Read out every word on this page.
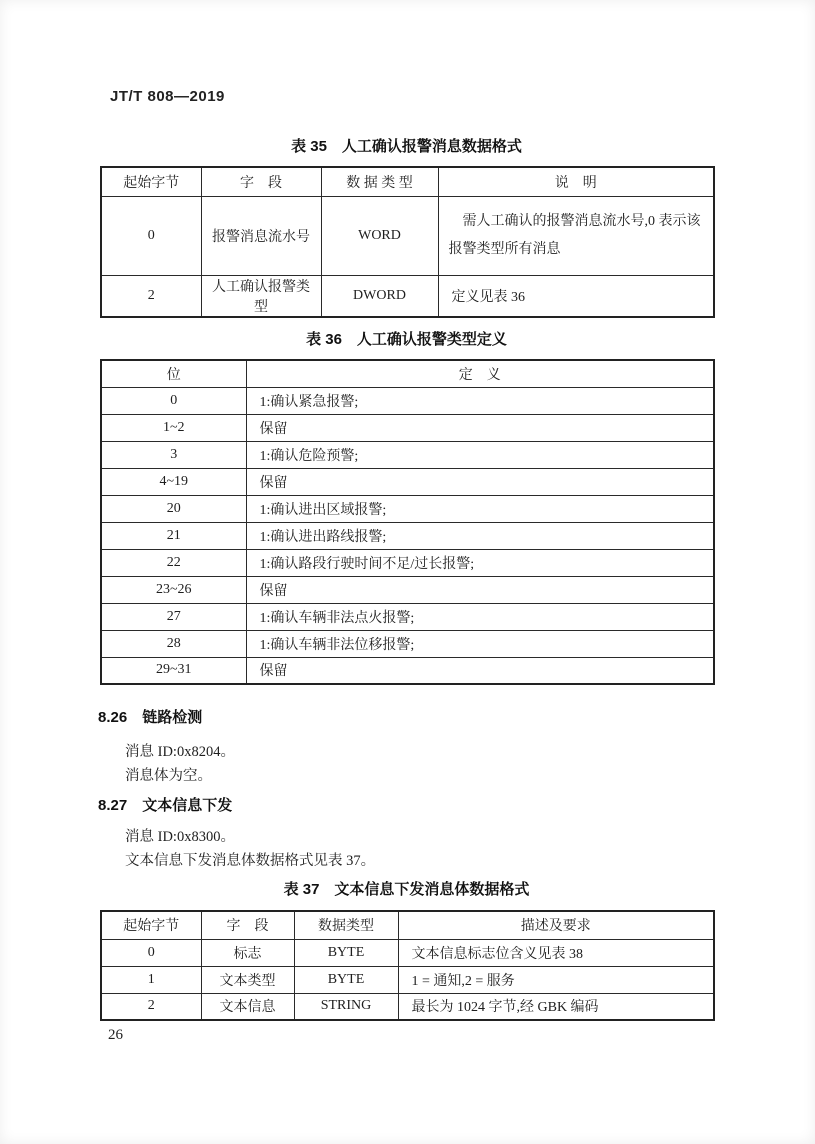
JT/T 808—2019
表 35　人工确认报警消息数据格式
起始字节	字　段	数 据 类 型	说　明
0	报警消息流水号	WORD	需人工确认的报警消息流水号,0 表示该报警类型所有消息
2	人工确认报警类型	DWORD	定义见表 36
表 36　人工确认报警类型定义
位	定　义
0	1:确认紧急报警;
1~2	保留
3	1:确认危险预警;
4~19	保留
20	1:确认进出区域报警;
21	1:确认进出路线报警;
22	1:确认路段行驶时间不足/过长报警;
23~26	保留
27	1:确认车辆非法点火报警;
28	1:确认车辆非法位移报警;
29~31	保留
8.26 链路检测
消息 ID:0x8204。
消息体为空。
8.27 文本信息下发
消息 ID:0x8300。
文本信息下发消息体数据格式见表 37。
表 37　文本信息下发消息体数据格式
起始字节	字　段	数据类型	描述及要求
0	标志	BYTE	文本信息标志位含义见表 38
1	文本类型	BYTE	1 = 通知,2 = 服务
2	文本信息	STRING	最长为 1024 字节,经 GBK 编码
26
